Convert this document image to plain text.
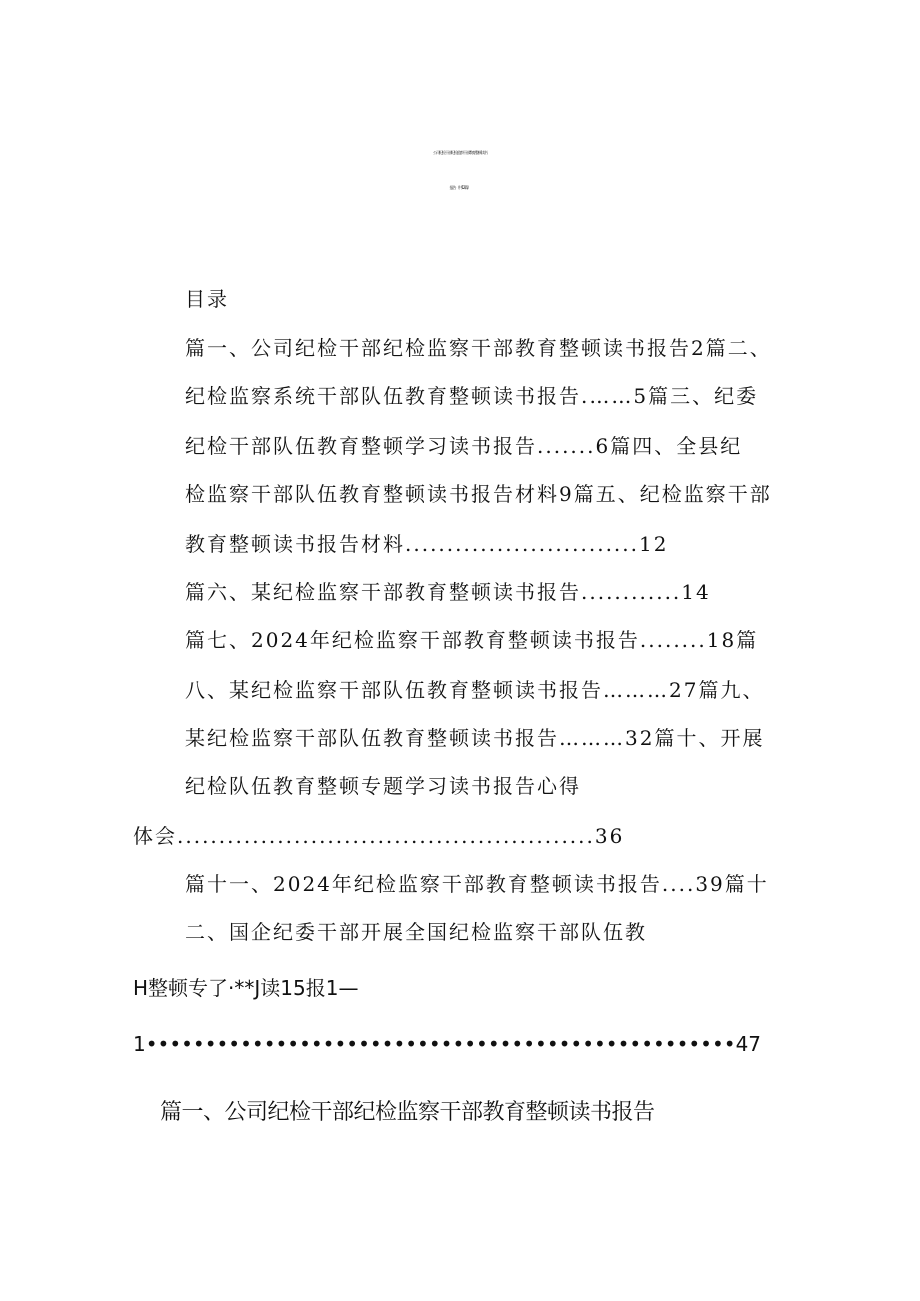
公司纪检干部纪检监察干部教育整顿读书
报告（共12篇）
目录
篇一、公司纪检干部纪检监察干部教育整顿读书报告2篇二、
纪检监察系统干部队伍教育整顿读书报告.……5篇三、纪委
纪检干部队伍教育整顿学习读书报告.......6篇四、全县纪
检监察干部队伍教育整顿读书报告材料9篇五、纪检监察干部
教育整顿读书报告材料............................12
篇六、某纪检监察干部教育整顿读书报告............14
篇七、2024年纪检监察干部教育整顿读书报告........18篇
八、某纪检监察干部队伍教育整顿读书报告………27篇九、
某纪检监察干部队伍教育整顿读书报告………32篇十、开展
纪检队伍教育整顿专题学习读书报告心得
体会..................................................36
篇十一、2024年纪检监察干部教育整顿读书报告....39篇十
二、国企纪委干部开展全国纪检监察干部队伍教
H整顿专了·**J读15报1—
1••••••••••••••••••••••••••••••••••••••••••••••••••47
篇一、公司纪检干部纪检监察干部教育整顿读书报告
